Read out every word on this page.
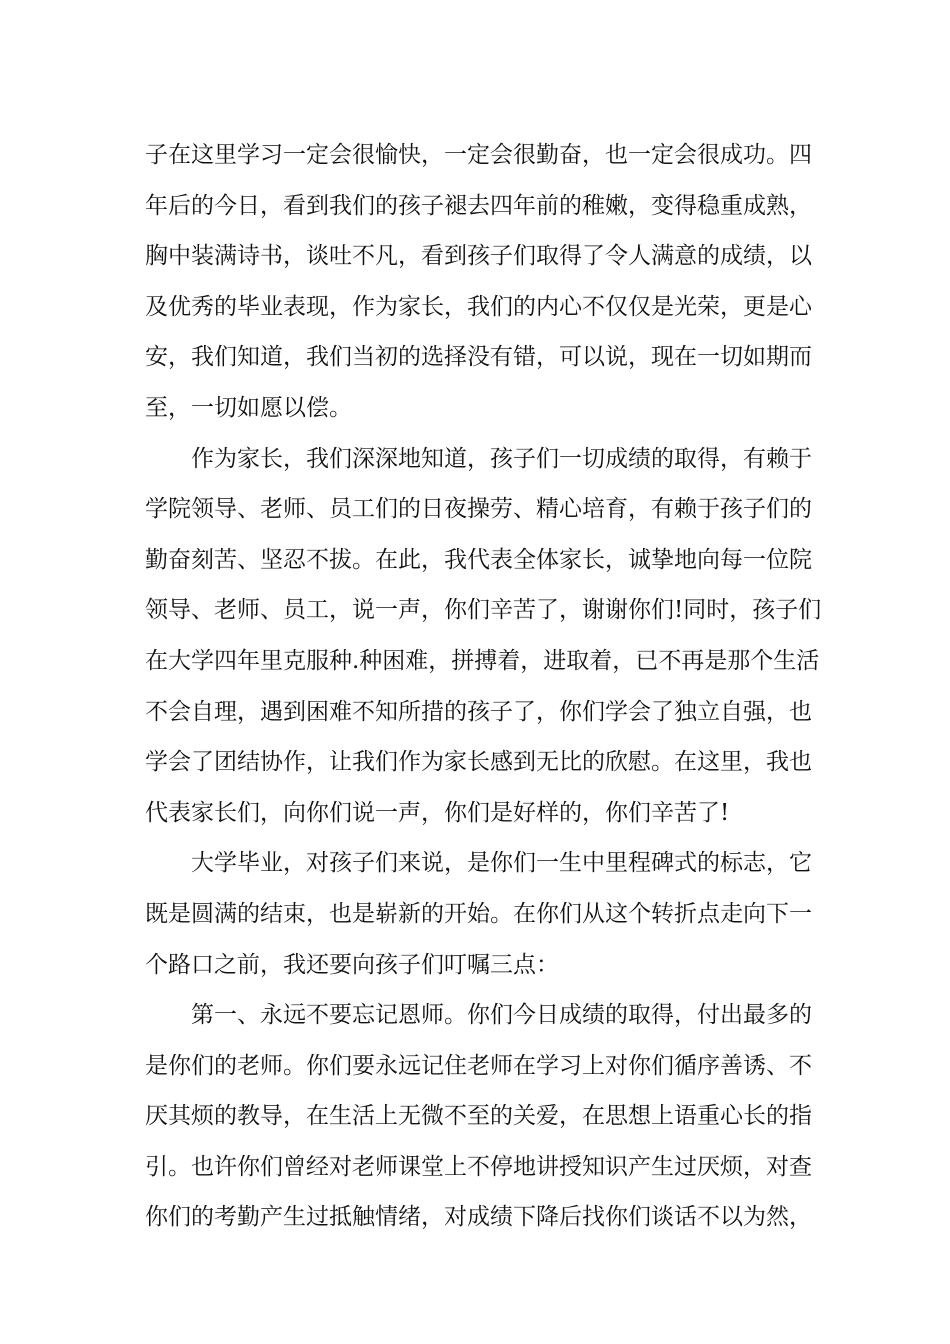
子在这里学习一定会很愉快，一定会很勤奋，也一定会很成功。四
年后的今日，看到我们的孩子褪去四年前的稚嫩，变得稳重成熟，
胸中装满诗书，谈吐不凡，看到孩子们取得了令人满意的成绩，以
及优秀的毕业表现，作为家长，我们的内心不仅仅是光荣，更是心
安，我们知道，我们当初的选择没有错，可以说，现在一切如期而
至，一切如愿以偿。
作为家长，我们深深地知道，孩子们一切成绩的取得，有赖于
学院领导、老师、员工们的日夜操劳、精心培育，有赖于孩子们的
勤奋刻苦、坚忍不拔。在此，我代表全体家长，诚挚地向每一位院
领导、老师、员工，说一声，你们辛苦了，谢谢你们!同时，孩子们
在大学四年里克服种.种困难，拼搏着，进取着，已不再是那个生活
不会自理，遇到困难不知所措的孩子了，你们学会了独立自强，也
学会了团结协作，让我们作为家长感到无比的欣慰。在这里，我也
代表家长们，向你们说一声，你们是好样的，你们辛苦了!
大学毕业，对孩子们来说，是你们一生中里程碑式的标志，它
既是圆满的结束，也是崭新的开始。在你们从这个转折点走向下一
个路口之前，我还要向孩子们叮嘱三点：
第一、永远不要忘记恩师。你们今日成绩的取得，付出最多的
是你们的老师。你们要永远记住老师在学习上对你们循序善诱、不
厌其烦的教导，在生活上无微不至的关爱，在思想上语重心长的指
引。也许你们曾经对老师课堂上不停地讲授知识产生过厌烦，对查
你们的考勤产生过抵触情绪，对成绩下降后找你们谈话不以为然，
